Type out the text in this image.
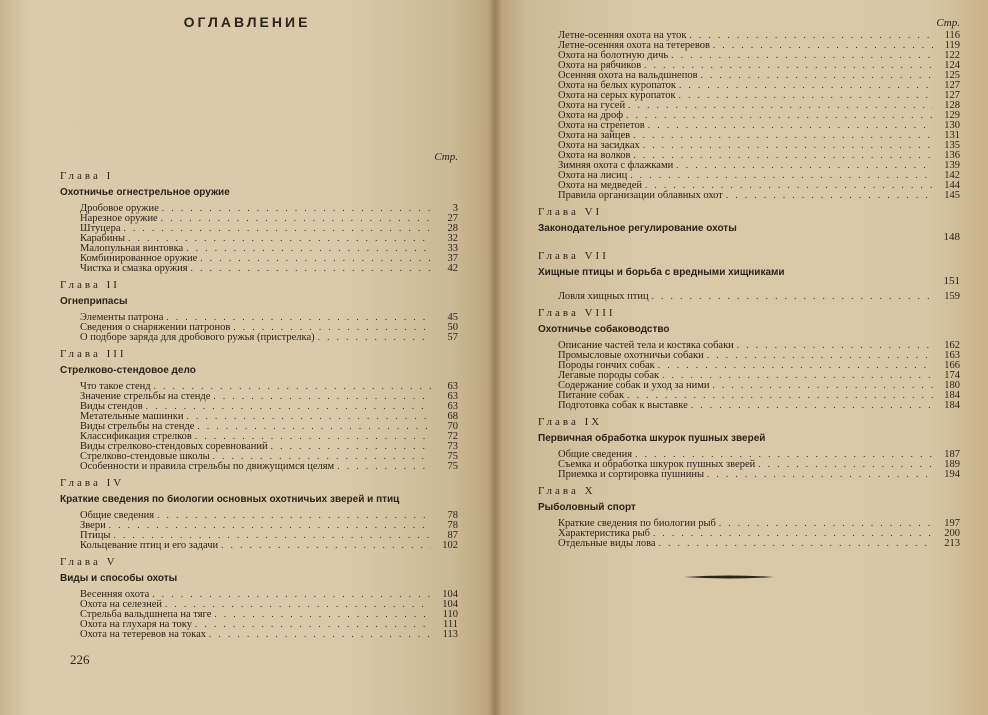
ОГЛАВЛЕНИЕ
Стр.
Глава I
Охотничье огнестрельное оружие
Дробовое оружие . . .	3
Нарезное оружие . . .	27
Штуцера . . .	28
Карабины . . .	32
Малопульная винтовка . . .	33
Комбинированное оружие . . .	37
Чистка и смазка оружия . . .	42
Глава II
Огнеприпасы
Элементы патрона . . .	45
Сведения о снаряжении патронов . . .	50
О подборе заряда для дробового ружья (пристрелка) . . .	57
Глава III
Стрелково-стендовое дело
Что такое стенд . . .	63
Значение стрельбы на стенде . . .	63
Виды стендов . . .	63
Метательные машинки . . .	68
Виды стрельбы на стенде . . .	70
Классификация стрелков . . .	72
Виды стрелково-стендовых соревнований . . .	73
Стрелково-стендовые школы . . .	75
Особенности и правила стрельбы по движущимся целям . . .	75
Глава IV
Краткие сведения по биологии основных охотничьих зверей и птиц
Общие сведения . . .	78
Звери . . .	78
Птицы . . .	87
Кольцевание птиц и его задачи . . .	102
Глава V
Виды и способы охоты
Весенняя охота . . .	104
Охота на селезней . . .	104
Стрельба вальдшнепа на тяге . . .	110
Охота на глухаря на току . . .	111
Охота на тетеревов на токах . . .	113
226
Стр.
Летне-осенняя охота на уток . . .	116
Летне-осенняя охота на тетеревов . . .	119
Охота на болотную дичь . . .	122
Охота на рябчиков . . .	124
Осенняя охота на вальдшнепов . . .	125
Охота на белых куропаток . . .	127
Охота на серых куропаток . . .	127
Охота на гусей . . .	128
Охота на дроф . . .	129
Охота на стрепетов . . .	130
Охота на зайцев . . .	131
Охота на засидках . . .	135
Охота на волков . . .	136
Зимняя охота с флажками . . .	139
Охота на лисиц . . .	142
Охота на медведей . . .	144
Правила организации облавных охот . . .	145
Глава VI
Законодательное регулирование охоты
148
Глава VII
Хищные птицы и борьба с вредными хищниками
151
Ловля хищных птиц . . .	159
Глава VIII
Охотничье собаководство
Описание частей тела и костяка собаки . . .	162
Промысловые охотничьи собаки . . .	163
Породы гончих собак . . .	166
Легавые породы собак . . .	174
Содержание собак и уход за ними . . .	180
Питание собак . . .	184
Подготовка собак к выставке . . .	184
Глава IX
Первичная обработка шкурок пушных зверей
Общие сведения . . .	187
Съемка и обработка шкурок пушных зверей . . .	189
Приемка и сортировка пушнины . . .	194
Глава X
Рыболовный спорт
Краткие сведения по биологии рыб . . .	197
Характеристика рыб . . .	200
Отдельные виды лова . . .	213
